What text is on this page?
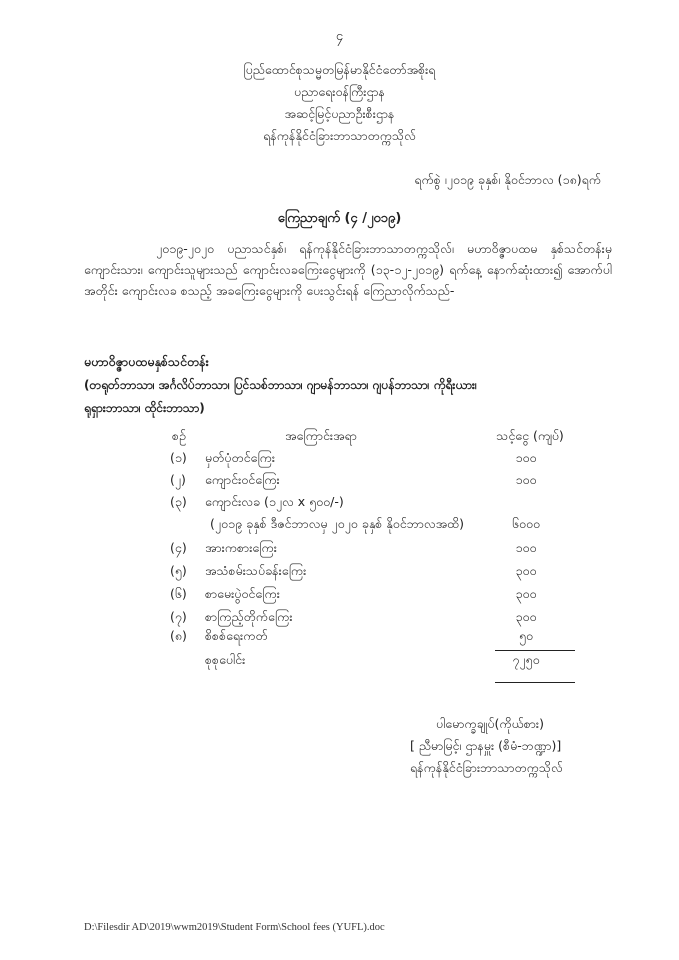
၄
ပြည်ထောင်စုသမ္မတမြန်မာနိုင်ငံတော်အစိုးရ
ပညာရေးဝန်ကြီးဌာန
အဆင့်မြင့်ပညာဦးစီးဌာန
ရန်ကုန်နိုင်ငံခြားဘာသာတက္ကသိုလ်
ရက်စွဲ ၊၂၀၁၉ ခုနှစ်၊ နိုဝင်ဘာလ (၁၈)ရက်
ကြေညာချက် (၄ /၂၀၁၉)
၂၀၁၉-၂၀၂၀ ပညာသင်နှစ်၊ ရန်ကုန်နိုင်ငံခြားဘာသာတက္ကသိုလ်၊ မဟာဝိဇ္ဇာပထမ နှစ်သင်တန်းမှ ကျောင်းသား၊ ကျောင်းသူများသည် ကျောင်းလခကြေးငွေများကို (၁၃-၁၂-၂၀၁၉) ရက်နေ့ နောက်ဆုံးထား၍ အောက်ပါအတိုင်း ကျောင်းလခ စသည့် အခကြေးငွေများကို ပေးသွင်းရန် ကြေညာလိုက်သည်-
မဟာဝိဇ္ဇာပထမနှစ်သင်တန်း
(တရုတ်ဘာသာ၊ အင်္ဂလိပ်ဘာသာ၊ ပြင်သစ်ဘာသာ၊ ဂျာမန်ဘာသာ၊ ဂျပန်ဘာသာ၊ ကိုရီးယား၊
ရုရှားဘာသာ၊ ထိုင်းဘာသာ)
စဉ်	အကြောင်းအရာ	သင့်ငွေ (ကျပ်)
(၁) မှတ်ပုံတင်ကြေး	၁၀၀
(၂) ကျောင်းဝင်ကြေး	၁၀၀
(၃) ကျောင်းလခ (၁၂လ x ၅၀၀/-)
(၂၀၁၉ ခုနှစ် ဒီဇင်ဘာလမှ ၂၀၂၀ ခုနှစ် နိုဝင်ဘာလအထိ)	၆၀၀၀
(၄) အားကစားကြေး	၁၀၀
(၅) အသံစမ်းသပ်ခန်းကြေး	၃၀၀
(၆) စာမေးပွဲဝင်ကြေး	၃၀၀
(၇) စာကြည့်တိုက်ကြေး	၃၀၀
(၈) စိစစ်ရေးကတ်	၅၀
စုစုပေါင်း	၇၂၅၀
ပါမောက္ခချုပ်(ကိုယ်စား)
[ ညီမာမြင့်၊ ဌာနမှူး (စီမံ-ဘဏ္ဍာ)]
ရန်ကုန်နိုင်ငံခြားဘာသာတက္ကသိုလ်
D:\Filesdir AD\2019\wwm2019\Student Form\School fees (YUFL).doc
